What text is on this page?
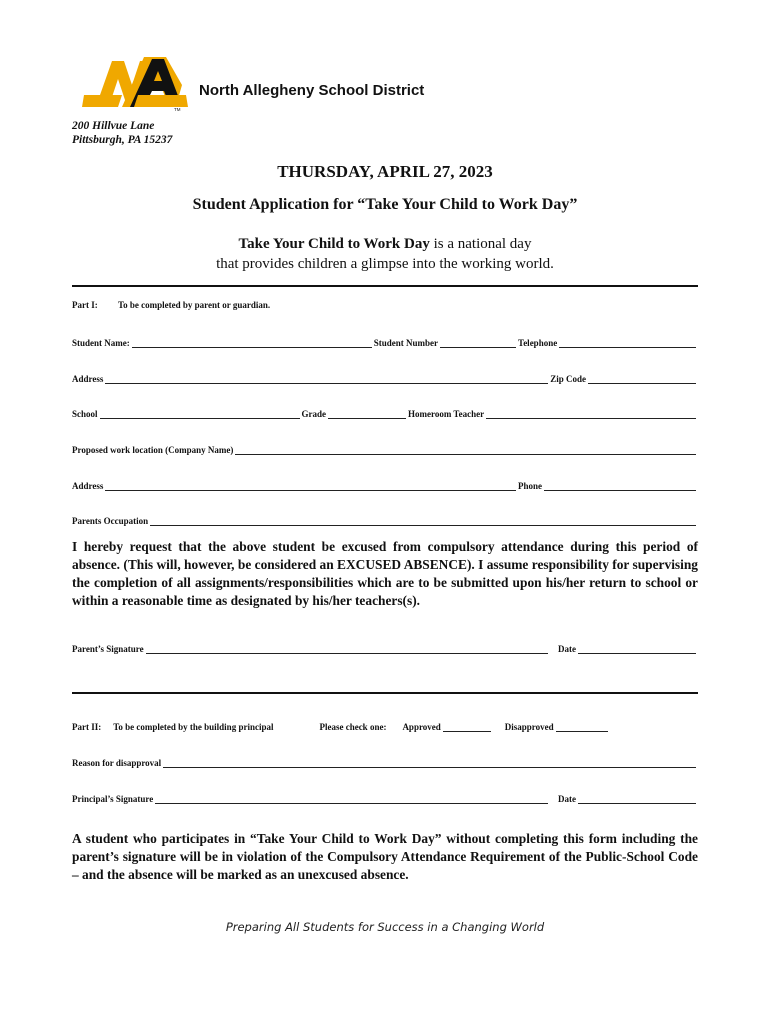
TM
North Allegheny School District
200 Hillvue Lane
Pittsburgh, PA 15237
THURSDAY, APRIL 27, 2023
Student Application for “Take Your Child to Work Day”
Take Your Child to Work Day is a national day
that provides children a glimpse into the working world.
Part I: To be completed by parent or guardian.
Student Name:	Student Number	Telephone
Address	Zip Code
School	Grade	Homeroom Teacher
Proposed work location (Company Name)
Address	Phone
Parents Occupation
I hereby request that the above student be excused from compulsory attendance during this period of absence. (This will, however, be considered an EXCUSED ABSENCE). I assume responsibility for supervising the completion of all assignments/responsibilities which are to be submitted upon his/her return to school or within a reasonable time as designated by his/her teachers(s).
Parent’s Signature	Date
Part II: To be completed by the building principal	Please check one: Approved	Disapproved
Reason for disapproval
Principal’s Signature	Date
A student who participates in “Take Your Child to Work Day” without completing this form including the parent’s signature will be in violation of the Compulsory Attendance Requirement of the Public-School Code – and the absence will be marked as an unexcused absence.
Preparing All Students for Success in a Changing World
